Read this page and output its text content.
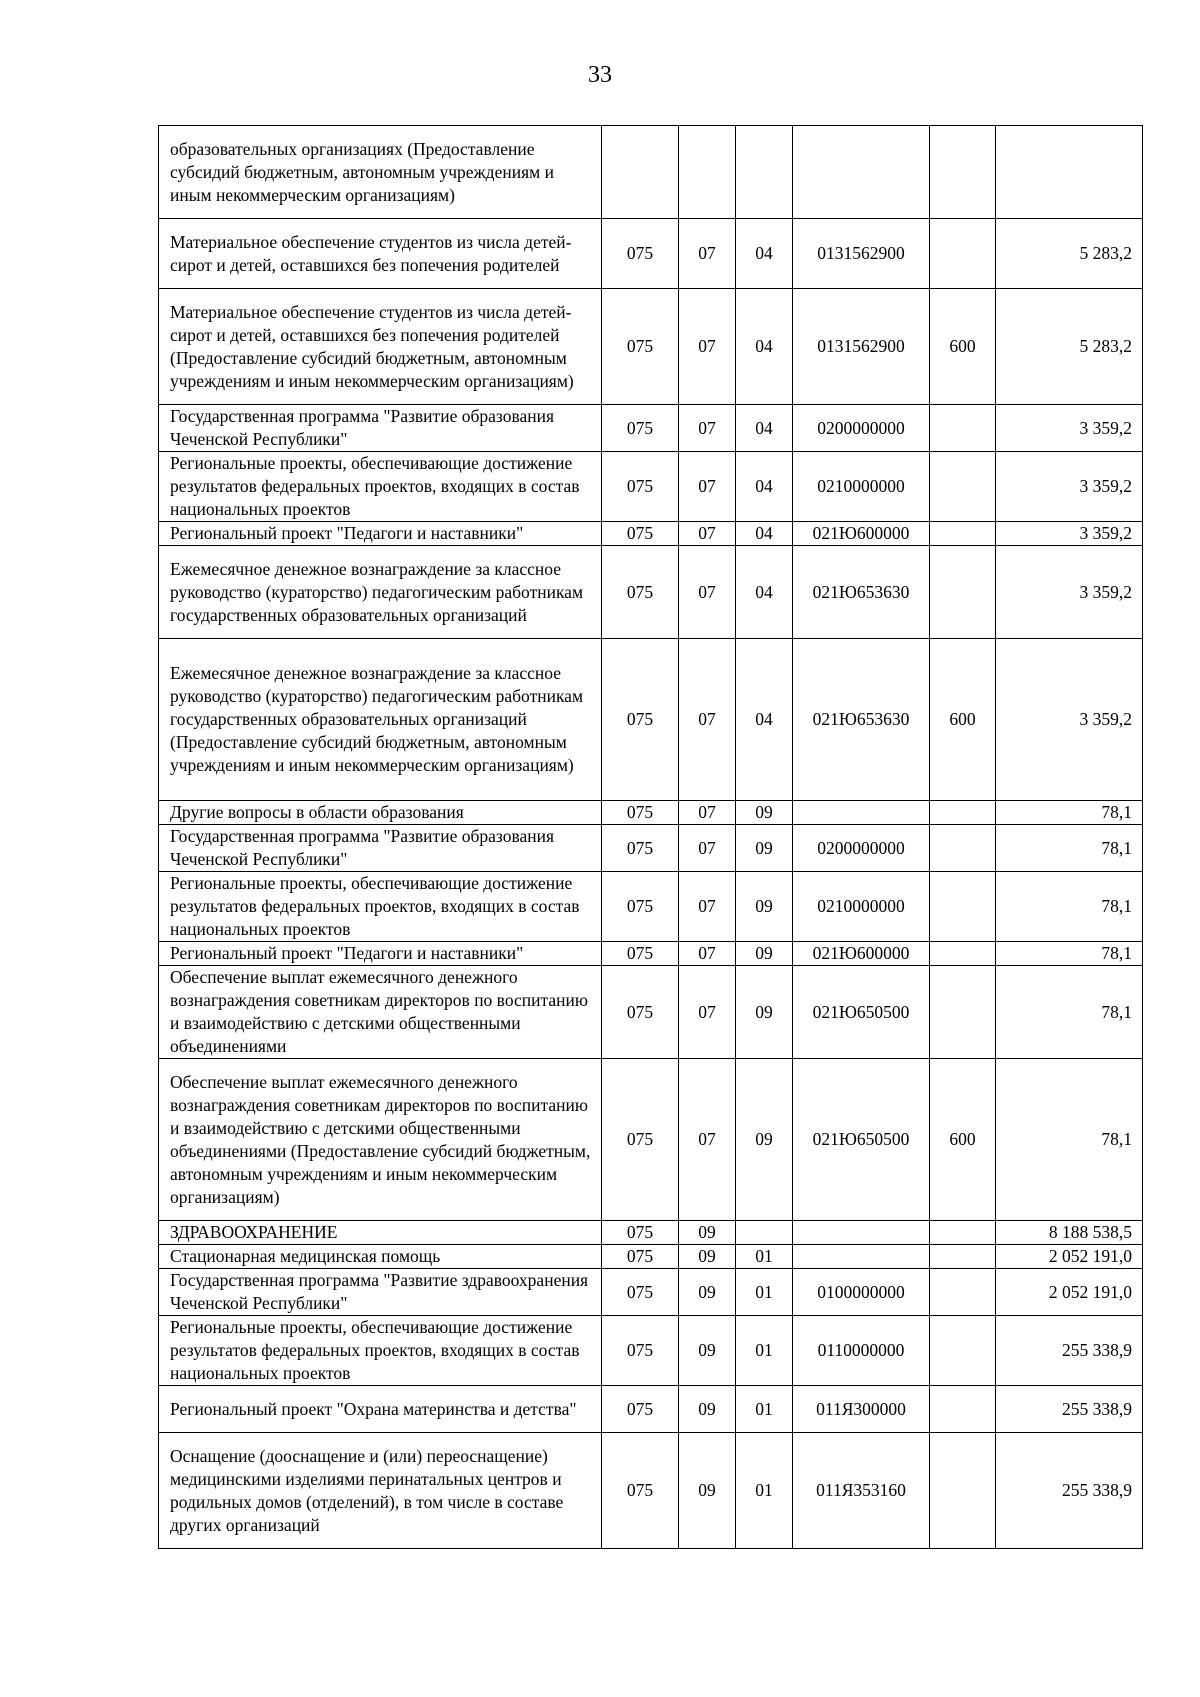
33
образовательных организациях (Предоставление субсидий бюджетным, автономным учреждениям и иным некоммерческим организациям)						
Материальное обеспечение студентов из числа детей-сирот и детей, оставшихся без попечения родителей	075	07	04	0131562900		5 283,2
Материальное обеспечение студентов из числа детей-сирот и детей, оставшихся без попечения родителей (Предоставление субсидий бюджетным, автономным учреждениям и иным некоммерческим организациям)	075	07	04	0131562900	600	5 283,2
Государственная программа "Развитие образования Чеченской Республики"	075	07	04	0200000000		3 359,2
Региональные проекты, обеспечивающие достижение результатов федеральных проектов, входящих в состав национальных проектов	075	07	04	0210000000		3 359,2
Региональный проект "Педагоги и наставники"	075	07	04	021Ю600000		3 359,2
Ежемесячное денежное вознаграждение за классное руководство (кураторство) педагогическим работникам государственных образовательных организаций	075	07	04	021Ю653630		3 359,2
Ежемесячное денежное вознаграждение за классное руководство (кураторство) педагогическим работникам государственных образовательных организаций (Предоставление субсидий бюджетным, автономным учреждениям и иным некоммерческим организациям)	075	07	04	021Ю653630	600	3 359,2
Другие вопросы в области образования	075	07	09			78,1
Государственная программа "Развитие образования Чеченской Республики"	075	07	09	0200000000		78,1
Региональные проекты, обеспечивающие достижение результатов федеральных проектов, входящих в состав национальных проектов	075	07	09	0210000000		78,1
Региональный проект "Педагоги и наставники"	075	07	09	021Ю600000		78,1
Обеспечение выплат ежемесячного денежного вознаграждения советникам директоров по воспитанию и взаимодействию с детскими общественными объединениями	075	07	09	021Ю650500		78,1
Обеспечение выплат ежемесячного денежного вознаграждения советникам директоров по воспитанию и взаимодействию с детскими общественными объединениями (Предоставление субсидий бюджетным, автономным учреждениям и иным некоммерческим организациям)	075	07	09	021Ю650500	600	78,1
ЗДРАВООХРАНЕНИЕ	075	09				8 188 538,5
Стационарная медицинская помощь	075	09	01			2 052 191,0
Государственная программа "Развитие здравоохранения Чеченской Республики"	075	09	01	0100000000		2 052 191,0
Региональные проекты, обеспечивающие достижение результатов федеральных проектов, входящих в состав национальных проектов	075	09	01	0110000000		255 338,9
Региональный проект "Охрана материнства и детства"	075	09	01	011Я300000		255 338,9
Оснащение (дооснащение и (или) переоснащение) медицинскими изделиями перинатальных центров и родильных домов (отделений), в том числе в составе других организаций	075	09	01	011Я353160		255 338,9
